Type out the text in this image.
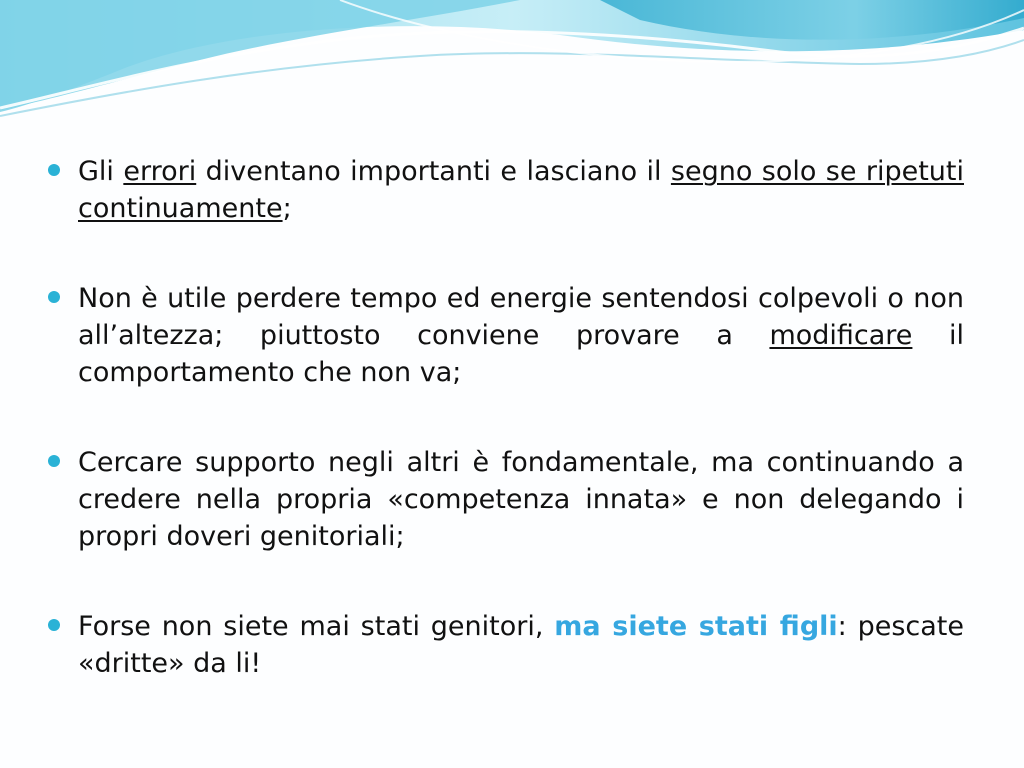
Gli errori diventano importanti e lasciano il segno solo se ripetuti continuamente;
Non è utile perdere tempo ed energie sentendosi colpevoli o non all’altezza; piuttosto conviene provare a modificare il comportamento che non va;
Cercare supporto negli altri è fondamentale, ma continuando a credere nella propria «competenza innata» e non delegando i propri doveri genitoriali;
Forse non siete mai stati genitori, ma siete stati figli: pescate «dritte» da li!
